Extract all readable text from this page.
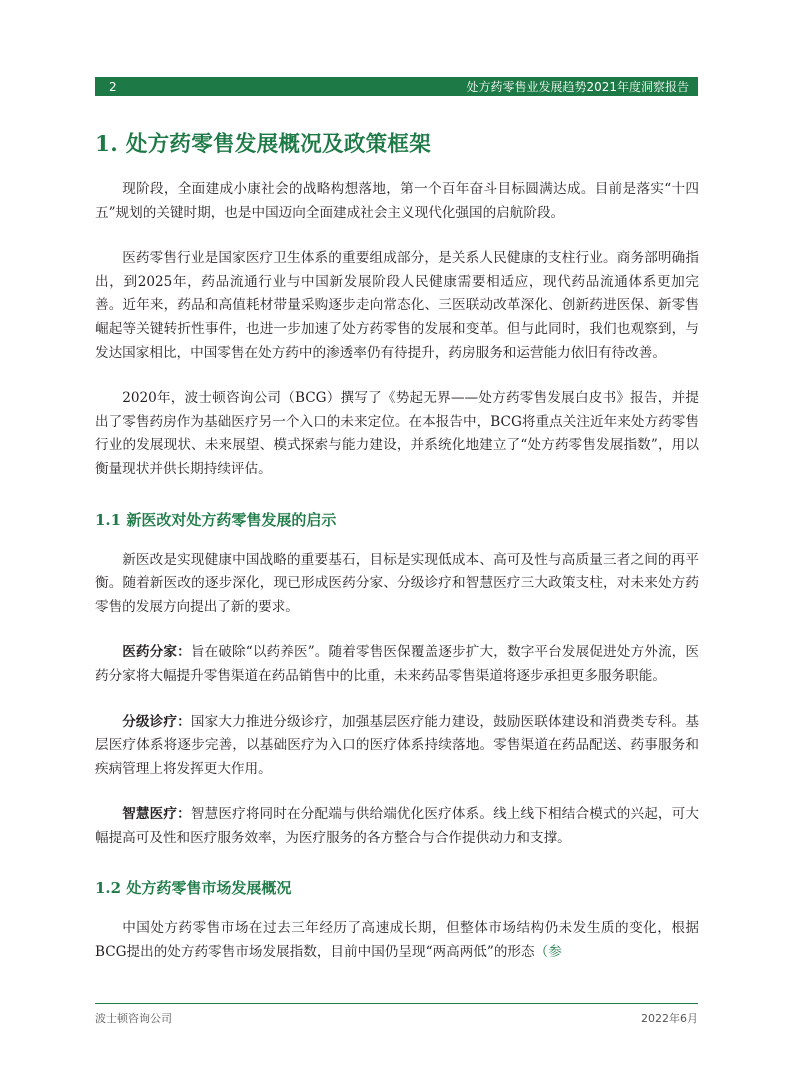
2	处方药零售业发展趋势2021年度洞察报告
1. 处方药零售发展概况及政策框架

现阶段，全面建成小康社会的战略构想落地，第一个百年奋斗目标圆满达成。目前是落实“十四五”规划的关键时期，也是中国迈向全面建成社会主义现代化强国的启航阶段。

医药零售行业是国家医疗卫生体系的重要组成部分，是关系人民健康的支柱行业。商务部明确指出，到2025年，药品流通行业与中国新发展阶段人民健康需要相适应，现代药品流通体系更加完善。近年来，药品和高值耗材带量采购逐步走向常态化、三医联动改革深化、创新药进医保、新零售崛起等关键转折性事件，也进一步加速了处方药零售的发展和变革。但与此同时，我们也观察到，与发达国家相比，中国零售在处方药中的渗透率仍有待提升，药房服务和运营能力依旧有待改善。

2020年，波士顿咨询公司（BCG）撰写了《势起无界——处方药零售发展白皮书》报告，并提出了零售药房作为基础医疗另一个入口的未来定位。在本报告中，BCG将重点关注近年来处方药零售行业的发展现状、未来展望、模式探索与能力建设，并系统化地建立了“处方药零售发展指数”，用以衡量现状并供长期持续评估。

1.1 新医改对处方药零售发展的启示

新医改是实现健康中国战略的重要基石，目标是实现低成本、高可及性与高质量三者之间的再平衡。随着新医改的逐步深化，现已形成医药分家、分级诊疗和智慧医疗三大政策支柱，对未来处方药零售的发展方向提出了新的要求。

医药分家：旨在破除“以药养医”。随着零售医保覆盖逐步扩大，数字平台发展促进处方外流，医药分家将大幅提升零售渠道在药品销售中的比重，未来药品零售渠道将逐步承担更多服务职能。

分级诊疗：国家大力推进分级诊疗，加强基层医疗能力建设，鼓励医联体建设和消费类专科。基层医疗体系将逐步完善，以基础医疗为入口的医疗体系持续落地。零售渠道在药品配送、药事服务和疾病管理上将发挥更大作用。

智慧医疗：智慧医疗将同时在分配端与供给端优化医疗体系。线上线下相结合模式的兴起，可大幅提高可及性和医疗服务效率，为医疗服务的各方整合与合作提供动力和支撑。

1.2 处方药零售市场发展概况

中国处方药零售市场在过去三年经历了高速成长期，但整体市场结构仍未发生质的变化，根据BCG提出的处方药零售市场发展指数，目前中国仍呈现“两高两低”的形态（参

波士顿咨询公司	2022年6月
